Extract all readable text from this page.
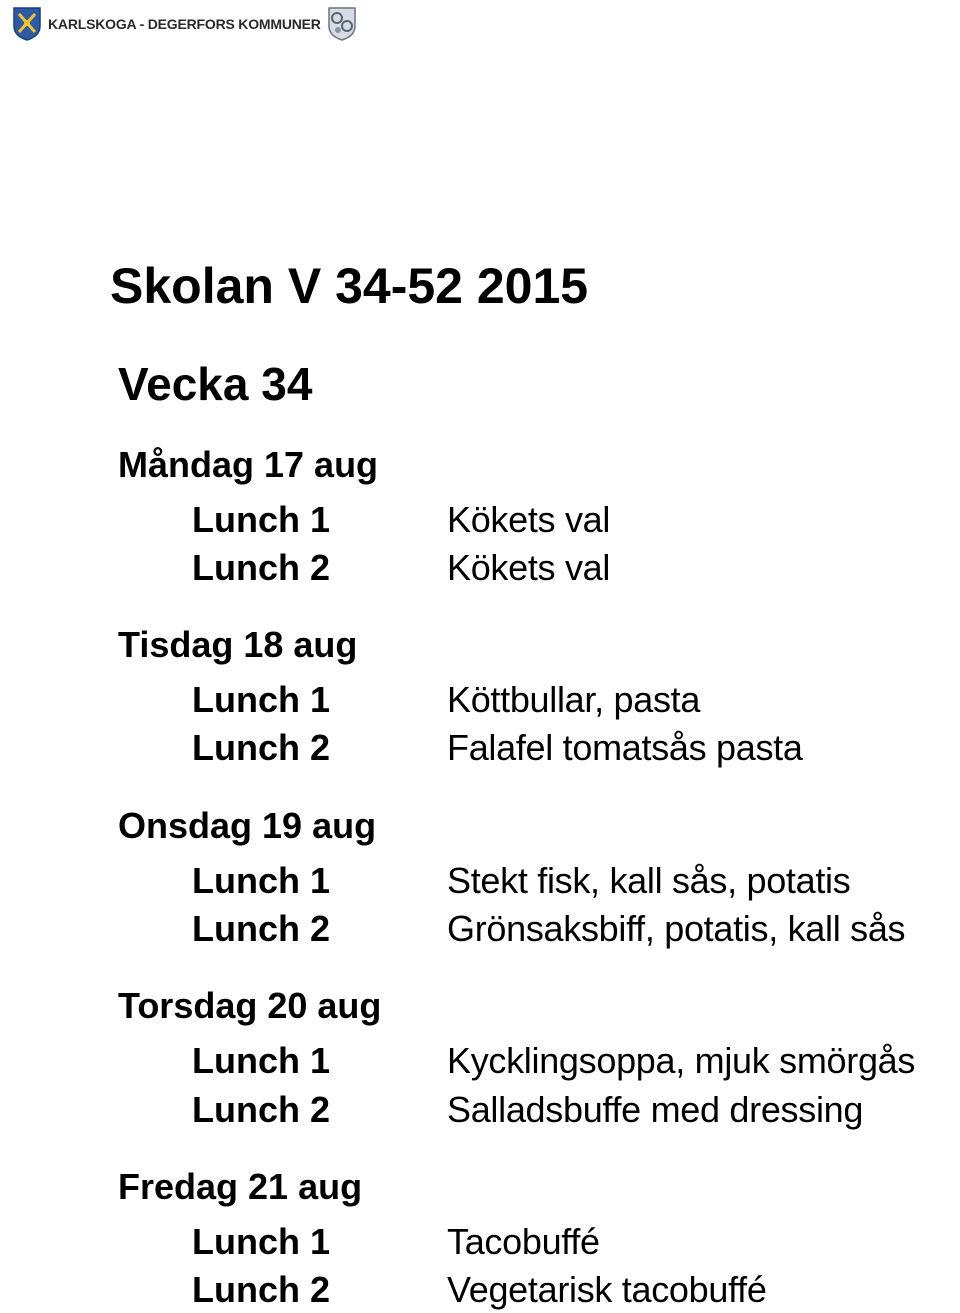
KARLSKOGA - DEGERFORS KOMMUNER
Skolan V 34-52 2015
Vecka 34
Måndag 17 aug
Lunch 1	Kökets val
Lunch 2	Kökets val
Tisdag 18 aug
Lunch 1	Köttbullar, pasta
Lunch 2	Falafel tomatsås pasta
Onsdag 19 aug
Lunch 1	Stekt fisk, kall sås, potatis
Lunch 2	Grönsaksbiff, potatis, kall sås
Torsdag 20 aug
Lunch 1	Kycklingsoppa, mjuk smörgås
Lunch 2	Salladsbuffe med dressing
Fredag 21 aug
Lunch 1	Tacobuffé
Lunch 2	Vegetarisk tacobuffé
